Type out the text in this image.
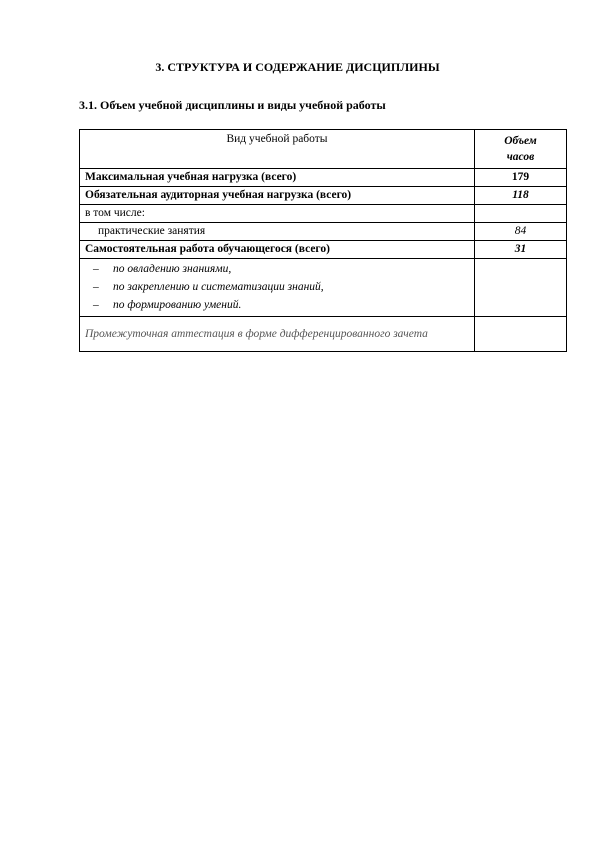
3. СТРУКТУРА И СОДЕРЖАНИЕ ДИСЦИПЛИНЫ
3.1. Объем учебной дисциплины и виды учебной работы
Вид учебной работы	Объем
часов
Максимальная учебная нагрузка (всего)	179
Обязательная аудиторная учебная нагрузка (всего)	118
в том числе:	
практические занятия	84
Самостоятельная работа обучающегося (всего)	31

– по овладению знаниями,
– по закреплению и систематизации знаний,
– по формированию умений.	

Промежуточная аттестация в форме дифференцированного зачета	
